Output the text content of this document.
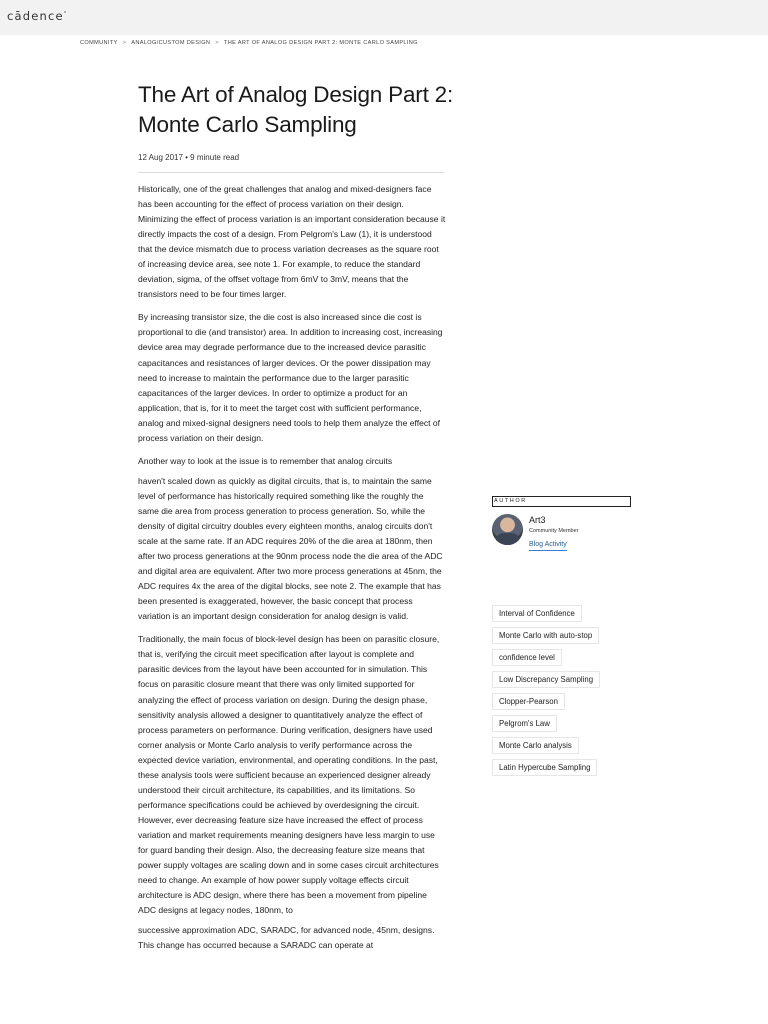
cādence°
COMMUNITY > ANALOG/CUSTOM DESIGN > THE ART OF ANALOG DESIGN PART 2: MONTE CARLO SAMPLING
The Art of Analog Design Part 2: Monte Carlo Sampling
12 Aug 2017 • 9 minute read

Historically, one of the great challenges that analog and mixed-designers face has been accounting for the effect of process variation on their design. Minimizing the effect of process variation is an important consideration because it directly impacts the cost of a design. From Pelgrom's Law (1), it is understood that the device mismatch due to process variation decreases as the square root of increasing device area, see note 1. For example, to reduce the standard deviation, sigma, of the offset voltage from 6mV to 3mV, means that the transistors need to be four times larger.

By increasing transistor size, the die cost is also increased since die cost is proportional to die (and transistor) area. In addition to increasing cost, increasing device area may degrade performance due to the increased device parasitic capacitances and resistances of larger devices. Or the power dissipation may need to increase to maintain the performance due to the larger parasitic capacitances of the larger devices. In order to optimize a product for an application, that is, for it to meet the target cost with sufficient performance, analog and mixed-signal designers need tools to help them analyze the effect of process variation on their design.

Another way to look at the issue is to remember that analog circuits

haven't scaled down as quickly as digital circuits, that is, to maintain the same level of performance has historically required something like the roughly the same die area from process generation to process generation. So, while the density of digital circuitry doubles every eighteen months, analog circuits don't scale at the same rate. If an ADC requires 20% of the die area at 180nm, then after two process generations at the 90nm process node the die area of the ADC and digital area are equivalent. After two more process generations at 45nm, the ADC requires 4x the area of the digital blocks, see note 2. The example that has been presented is exaggerated, however, the basic concept that process variation is an important design consideration for analog design is valid.

Traditionally, the main focus of block-level design has been on parasitic closure, that is, verifying the circuit meet specification after layout is complete and parasitic devices from the layout have been accounted for in simulation. This focus on parasitic closure meant that there was only limited supported for analyzing the effect of process variation on design. During the design phase, sensitivity analysis allowed a designer to quantitatively analyze the effect of process parameters on performance. During verification, designers have used corner analysis or Monte Carlo analysis to verify performance across the expected device variation, environmental, and operating conditions. In the past, these analysis tools were sufficient because an experienced designer already understood their circuit architecture, its capabilities, and its limitations. So performance specifications could be achieved by overdesigning the circuit. However, ever decreasing feature size have increased the effect of process variation and market requirements meaning designers have less margin to use for guard banding their design. Also, the decreasing feature size means that power supply voltages are scaling down and in some cases circuit architectures need to change. An example of how power supply voltage effects circuit architecture is ADC design, where there has been a movement from pipeline ADC designs at legacy nodes, 180nm, to

successive approximation ADC, SARADC, for advanced node, 45nm, designs. This change has occurred because a SARADC can operate at

AUTHOR
Art3
Community Member
Blog Activity
Interval of Confidence
Monte Carlo with auto-stop
confidence level
Low Discrepancy Sampling
Clopper-Pearson
Pelgrom's Law
Monte Carlo analysis
Latin Hypercube Sampling
